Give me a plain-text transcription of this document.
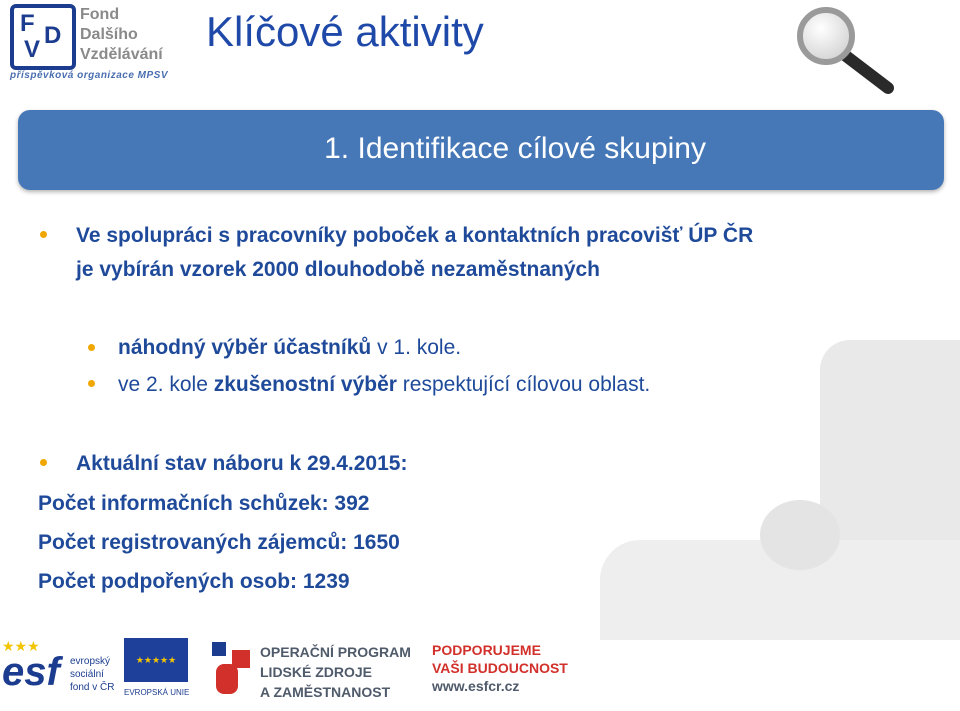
F D
V
Fond
Dalšího
Vzdělávání
příspěvková organizace MPSV
Klíčové aktivity
1. Identifikace cílové skupiny
Ve spolupráci s pracovníky poboček a kontaktních pracovišť ÚP ČR
je vybírán vzorek 2000 dlouhodobě nezaměstnaných
náhodný výběr účastníků v 1. kole.
ve 2. kole zkušenostní výběr respektující cílovou oblast.
Aktuální stav náboru k 29.4.2015:
Počet informačních schůzek: 392
Počet registrovaných zájemců: 1650
Počet podpořených osob: 1239
★★★
esf evropský
sociální
fond v ČR
★★★★★
EVROPSKÁ UNIE
OPERAČNÍ PROGRAM
LIDSKÉ ZDROJE
A ZAMĚSTNANOST
PODPORUJEME
VAŠI BUDOUCNOST
www.esfcr.cz
